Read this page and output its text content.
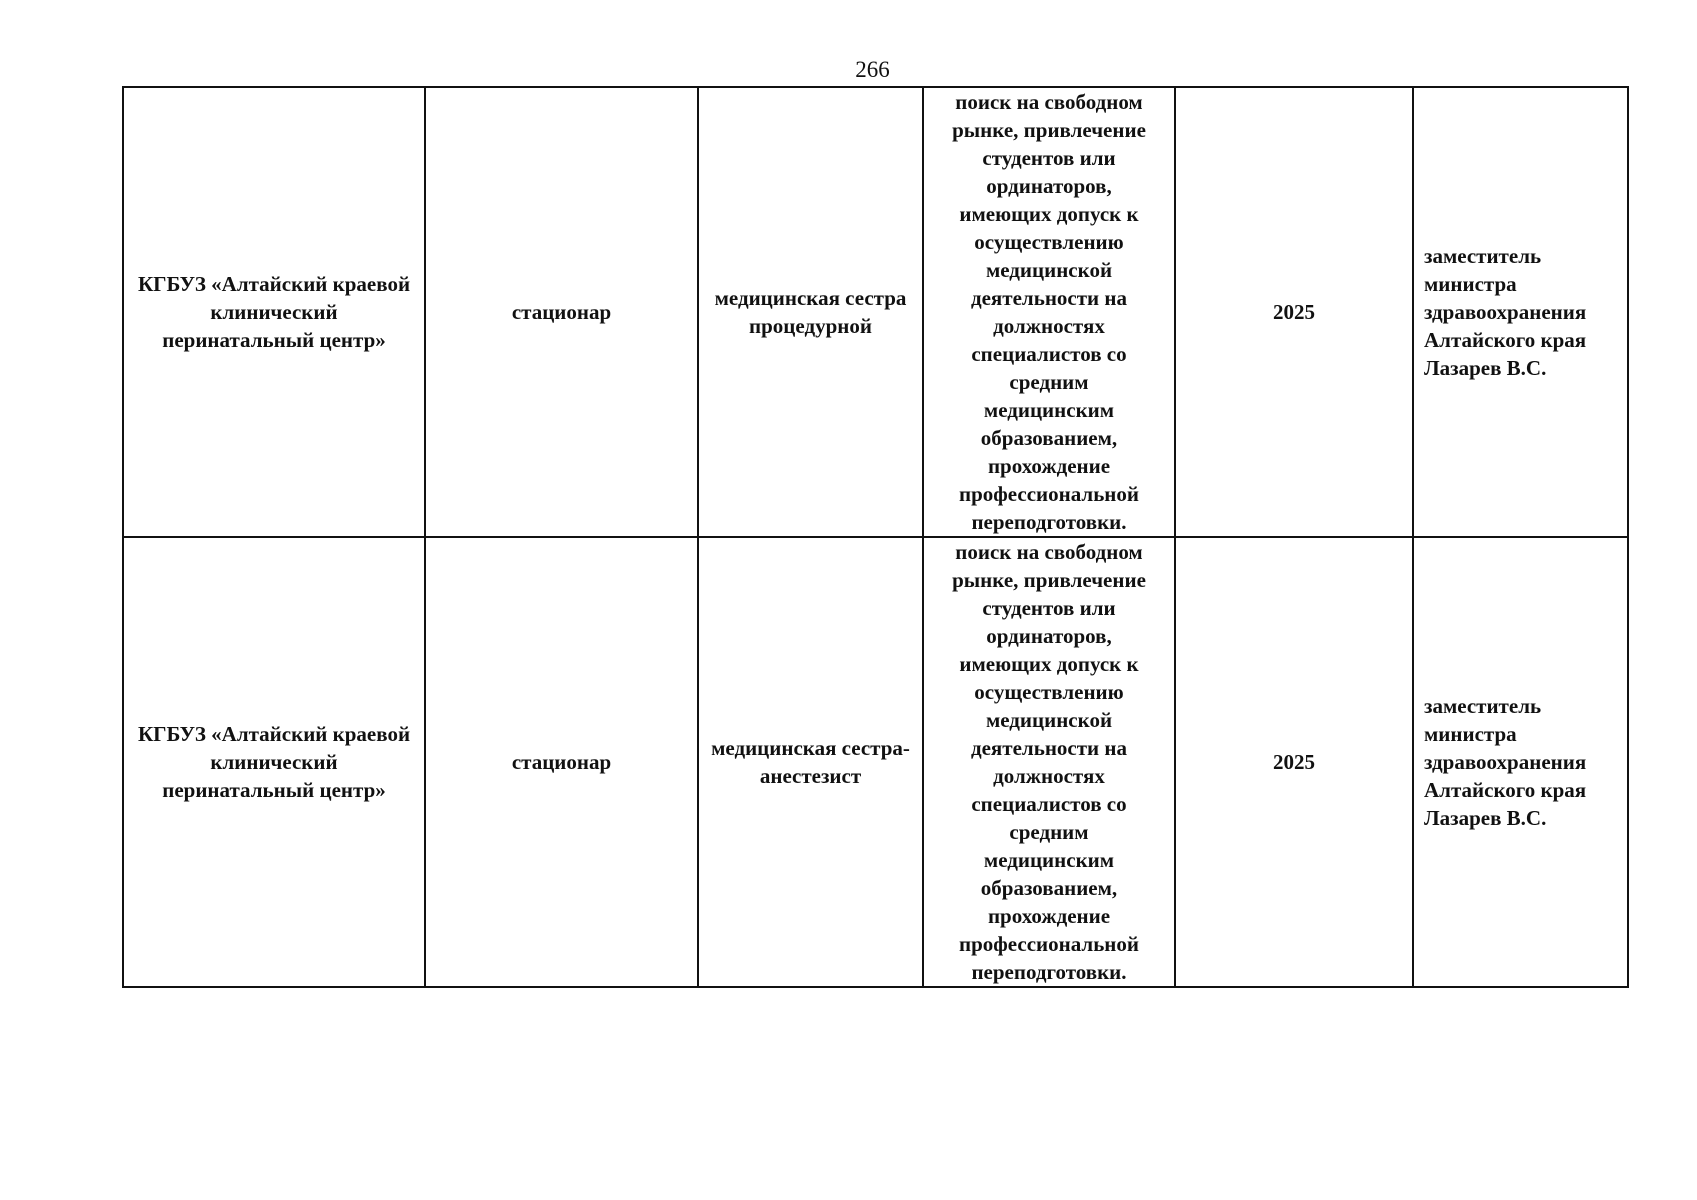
266
КГБУЗ «Алтайский краевой клинический перинатальный центр»	стационар	медицинская сестра процедурной	поиск на свободном рынке, привлечение студентов или ординаторов, имеющих допуск к осуществлению медицинской деятельности на должностях специалистов со средним медицинским образованием, прохождение профессиональной переподготовки.	2025	заместитель министра здравоохранения Алтайского края Лазарев В.С.
КГБУЗ «Алтайский краевой клинический перинатальный центр»	стационар	медицинская сестра-анестезист	поиск на свободном рынке, привлечение студентов или ординаторов, имеющих допуск к осуществлению медицинской деятельности на должностях специалистов со средним медицинским образованием, прохождение профессиональной переподготовки.	2025	заместитель министра здравоохранения Алтайского края Лазарев В.С.
